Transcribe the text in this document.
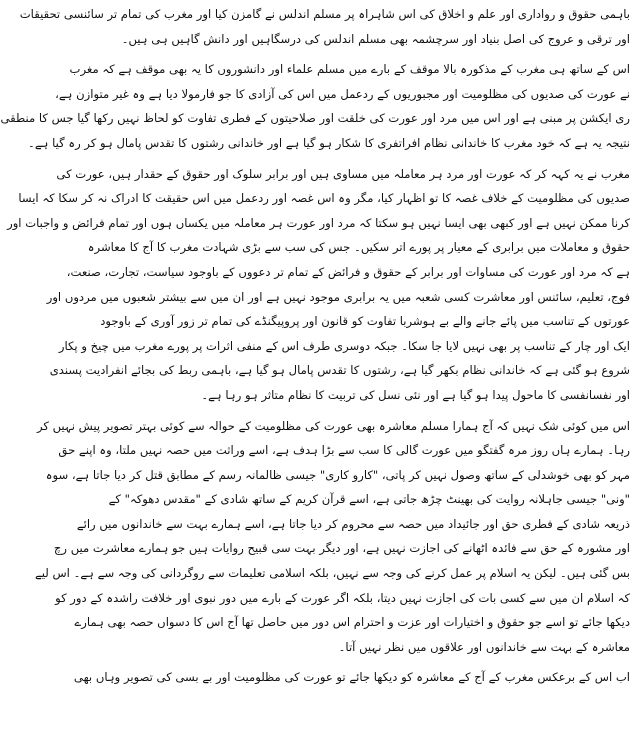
باہمی حقوق و رواداری اور علم و اخلاق کی اس شاہراہ پر مسلم اندلس نے گامزن کیا اور مغرب کی تمام تر سائنسی تحقیقات
اور ترقی و عروج کی اصل بنیاد اور سرچشمہ بھی مسلم اندلس کی درسگاہیں اور دانش گاہیں ہی ہیں۔
اس کے ساتھ ہی مغرب کے مذکورہ بالا موقف کے بارے میں مسلم علماء اور دانشوروں کا یہ بھی موقف ہے کہ مغرب
نے عورت کی صدیوں کی مظلومیت اور مجبوریوں کے ردعمل میں اس کی آزادی کا جو فارمولا دیا ہے وہ غیر متوازن ہے،
ری ایکشن پر مبنی ہے اور اس میں مرد اور عورت کی خلقت اور صلاحیتوں کے فطری تفاوت کو لحاظ نہیں رکھا گیا جس کا منطقی
نتیجہ یہ ہے کہ خود مغرب کا خاندانی نظام افراتفری کا شکار ہو گیا ہے اور خاندانی رشتوں کا تقدس پامال ہو کر رہ گیا ہے۔
مغرب نے یہ کہہ کر کہ عورت اور مرد ہر معاملہ میں مساوی ہیں اور برابر سلوک اور حقوق کے حقدار ہیں، عورت کی
صدیوں کی مظلومیت کے خلاف غصہ کا تو اظہار کیا، مگر وہ اس غصہ اور ردعمل میں اس حقیقت کا ادراک نہ کر سکا کہ ایسا
کرنا ممکن نہیں ہے اور کبھی بھی ایسا نہیں ہو سکتا کہ مرد اور عورت ہر معاملہ میں یکساں ہوں اور تمام فرائض و واجبات اور
حقوق و معاملات میں برابری کے معیار پر پورے اتر سکیں۔ جس کی سب سے بڑی شہادت مغرب کا آج کا معاشرہ
ہے کہ مرد اور عورت کی مساوات اور برابر کے حقوق و فرائض کے تمام تر دعووں کے باوجود سیاست، تجارت، صنعت،
فوج، تعلیم، سائنس اور معاشرت کسی شعبہ میں یہ برابری موجود نہیں ہے اور ان میں سے بیشتر شعبوں میں مردوں اور
عورتوں کے تناسب میں پائے جانے والے بے ہوشربا تفاوت کو قانون اور پروپیگنڈے کی تمام تر زور آوری کے باوجود
ایک اور چار کے تناسب پر بھی نہیں لایا جا سکا۔ جبکہ دوسری طرف اس کے منفی اثرات پر پورے مغرب میں چیخ و پکار
شروع ہو گئی ہے کہ خاندانی نظام بکھر گیا ہے، رشتوں کا تقدس پامال ہو گیا ہے، باہمی ربط کی بجائے انفرادیت پسندی
اور نفسانفسی کا ماحول پیدا ہو گیا ہے اور نئی نسل کی تربیت کا نظام متاثر ہو رہا ہے۔
اس میں کوئی شک نہیں کہ آج ہمارا مسلم معاشرہ بھی عورت کی مظلومیت کے حوالہ سے کوئی بہتر تصویر پیش نہیں کر
رہا۔ ہمارے ہاں روز مرہ گفتگو میں عورت گالی کا سب سے بڑا ہدف ہے، اسے وراثت میں حصہ نہیں ملتا، وہ اپنے حق
مہر کو بھی خوشدلی کے ساتھ وصول نہیں کر پاتی، "کارو کاری" جیسی ظالمانہ رسم کے مطابق قتل کر دیا جاتا ہے، سوہ
"ونی" جیسی جاہلانہ روایت کی بھینٹ چڑھ جاتی ہے، اسے قرآن کریم کے ساتھ شادی کے "مقدس دھوکہ" کے
ذریعہ شادی کے فطری حق اور جائیداد میں حصہ سے محروم کر دیا جاتا ہے، اسے ہمارے بہت سے خاندانوں میں رائے
اور مشورہ کے حق سے فائدہ اٹھانے کی اجازت نہیں ہے، اور دیگر بہت سی قبیح روایات ہیں جو ہمارے معاشرت میں رچ
بس گئی ہیں۔ لیکن یہ اسلام پر عمل کرنے کی وجہ سے نہیں، بلکہ اسلامی تعلیمات سے روگردانی کی وجہ سے ہے۔ اس لیے
کہ اسلام ان میں سے کسی بات کی اجازت نہیں دیتا، بلکہ اگر عورت کے بارے میں دور نبوی اور خلافت راشدہ کے دور کو
دیکھا جائے تو اسے جو حقوق و اختیارات اور عزت و احترام اس دور میں حاصل تھا آج اس کا دسواں حصہ بھی ہمارے
معاشرہ کے بہت سے خاندانوں اور علاقوں میں نظر نہیں آتا۔
اب اس کے برعکس مغرب کے آج کے معاشرہ کو دیکھا جائے تو عورت کی مظلومیت اور بے بسی کی تصویر وہاں بھی
